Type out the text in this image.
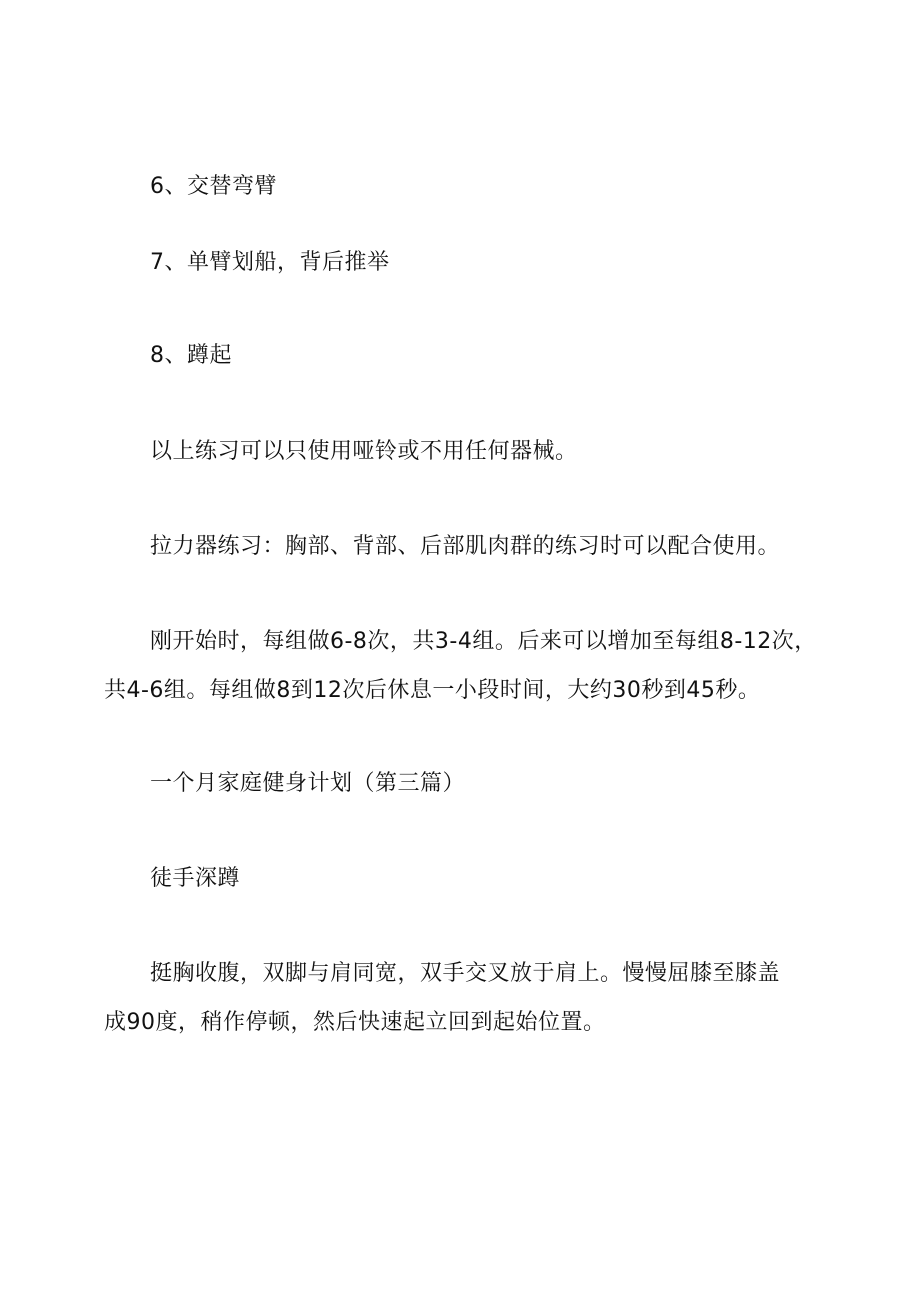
6、交替弯臂
7、单臂划船，背后推举
8、蹲起
以上练习可以只使用哑铃或不用任何器械。
拉力器练习：胸部、背部、后部肌肉群的练习时可以配合使用。
刚开始时，每组做6-8次，共3-4组。后来可以增加至每组8-12次，
共4-6组。每组做8到12次后休息一小段时间，大约30秒到45秒。
一个月家庭健身计划（第三篇）
徒手深蹲
挺胸收腹，双脚与肩同宽，双手交叉放于肩上。慢慢屈膝至膝盖
成90度，稍作停顿，然后快速起立回到起始位置。
